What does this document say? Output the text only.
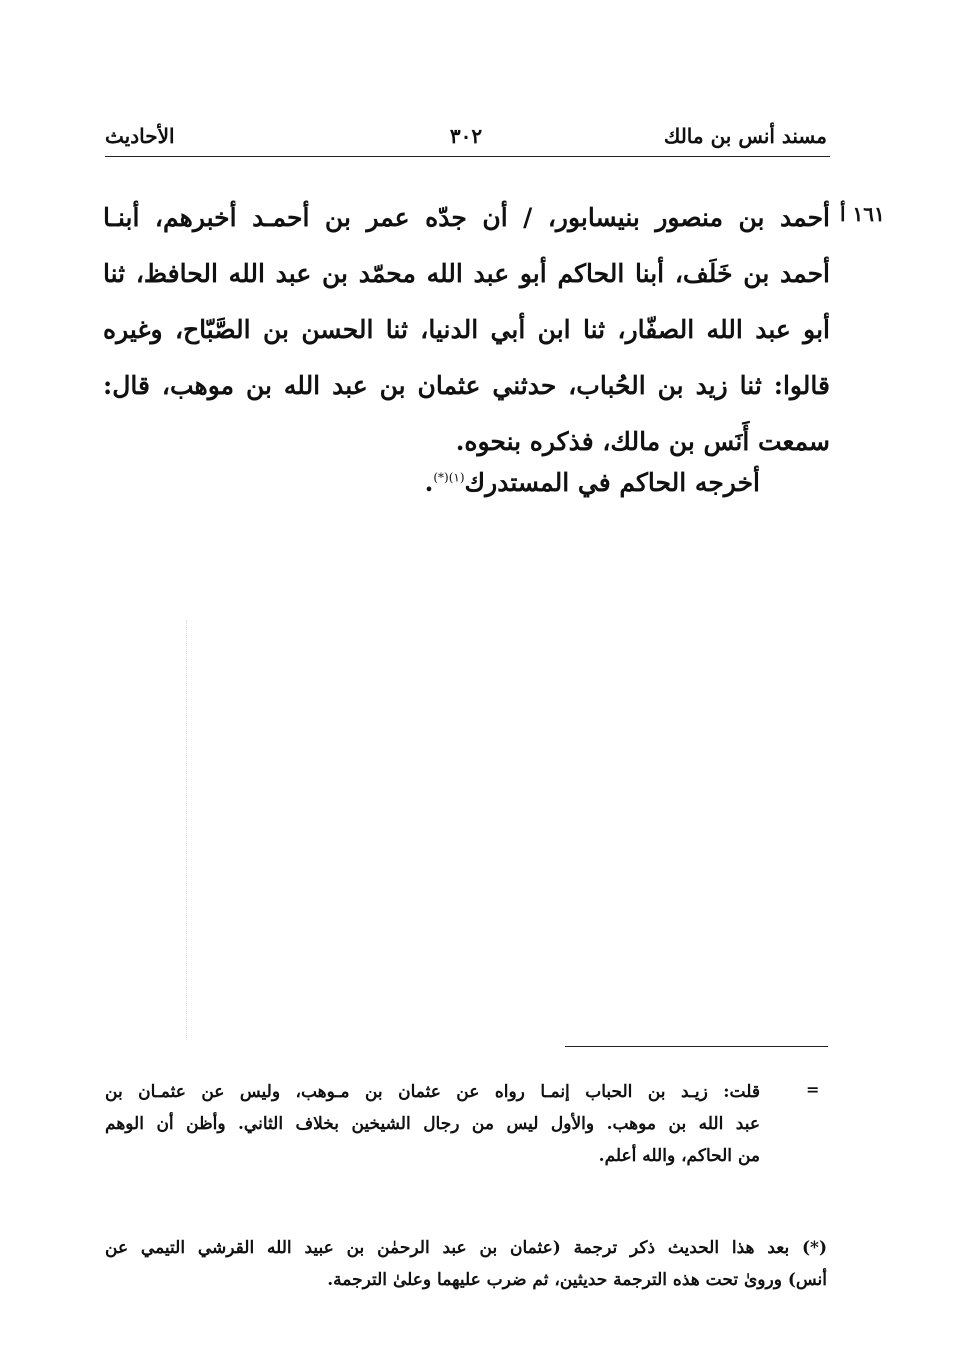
مسند أنس بن مالك
٣٠٢
الأحاديث
١٦١ أ
أحمد بن منصور بنيسابور، / أن جدّه عمر بن أحمـد أخبرهم، أبنـا
أحمد بن خَلَف، أبنا الحاكم أبو عبد الله محمّد بن عبد الله الحافظ، ثنا
أبو عبد الله الصفّار، ثنا ابن أبي الدنيا، ثنا الحسن بن الصَّبّاح، وغيره
قالوا: ثنا زيد بن الحُباب، حدثني عثمان بن عبد الله بن موهب، قال:
سمعت أَنَس بن مالك، فذكره بنحوه.
أخرجه الحاكم في المستدرك$^{(١)(*)}$.
=
قلت: زيـد بن الحباب إنمـا رواه عن عثمان بن مـوهب، وليس عن عثمـان بن
عبد الله بن موهب. والأول ليس من رجال الشيخين بخلاف الثاني. وأظن أن الوهم
من الحاكم، والله أعلم.
(*) بعد هذا الحديث ذكر ترجمة (عثمان بن عبد الرحمٰن بن عبيد الله القرشي التيمي عن
أنس) وروىٰ تحت هذه الترجمة حديثين، ثم ضرب عليهما وعلىٰ الترجمة.
